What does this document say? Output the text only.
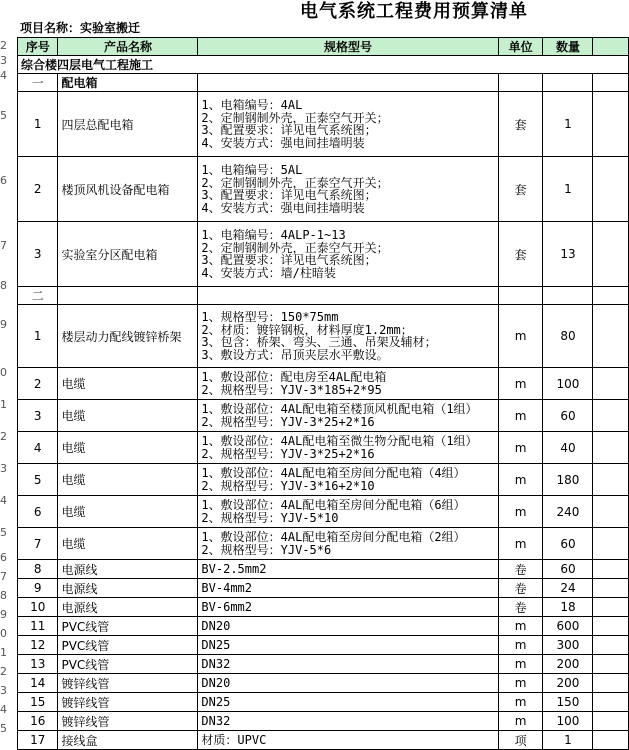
2
3
4
5
6
7
8
9
0
1
2
3
4
5
6
7
8
9
0
1
2
3
4
5
电气系统工程费用预算清单
项目名称：实验室搬迁
序号	产品名称	规格型号	单位	数量	
综合楼四层电气工程施工					
一	配电箱				
1	四层总配电箱	1、电箱编号：4AL
2、定制钢制外壳，正泰空气开关；
3、配置要求：详见电气系统图；
4、安装方式：强电间挂墙明装	套	1	
2	楼顶风机设备配电箱	1、电箱编号：5AL
2、定制钢制外壳，正泰空气开关；
3、配置要求：详见电气系统图；
4、安装方式：强电间挂墙明装	套	1	
3	实验室分区配电箱	1、电箱编号：4ALP-1~13
2、定制钢制外壳，正泰空气开关；
3、配置要求：详见电气系统图；
4、安装方式：墙/柱暗装	套	13	
二					
1	楼层动力配线镀锌桥架	1、规格型号：150*75mm
2、材质：镀锌钢板，材料厚度1.2mm；
3、包含：桥架、弯头、三通、吊架及辅材；
3、敷设方式：吊顶夹层水平敷设。	m	80	
2	电缆	1、敷设部位：配电房至4AL配电箱
2、规格型号：YJV-3*185+2*95	m	100	
3	电缆	1、敷设部位：4AL配电箱至楼顶风机配电箱（1组）
2、规格型号：YJV-3*25+2*16	m	60	
4	电缆	1、敷设部位：4AL配电箱至微生物分配电箱（1组）
2、规格型号：YJV-3*25+2*16	m	40	
5	电缆	1、敷设部位：4AL配电箱至房间分配电箱（4组）
2、规格型号：YJV-3*16+2*10	m	180	
6	电缆	1、敷设部位：4AL配电箱至房间分配电箱（6组）
2、规格型号：YJV-5*10	m	240	
7	电缆	1、敷设部位：4AL配电箱至房间分配电箱（2组）
2、规格型号：YJV-5*6	m	60	
8	电源线	BV-2.5mm2	卷	60	
9	电源线	BV-4mm2	卷	24	
10	电源线	BV-6mm2	卷	18	
11	PVC线管	DN20	m	600	
12	PVC线管	DN25	m	300	
13	PVC线管	DN32	m	200	
14	镀锌线管	DN20	m	200	
15	镀锌线管	DN25	m	150	
16	镀锌线管	DN32	m	100	
17	接线盒	材质：UPVC	项	1	
